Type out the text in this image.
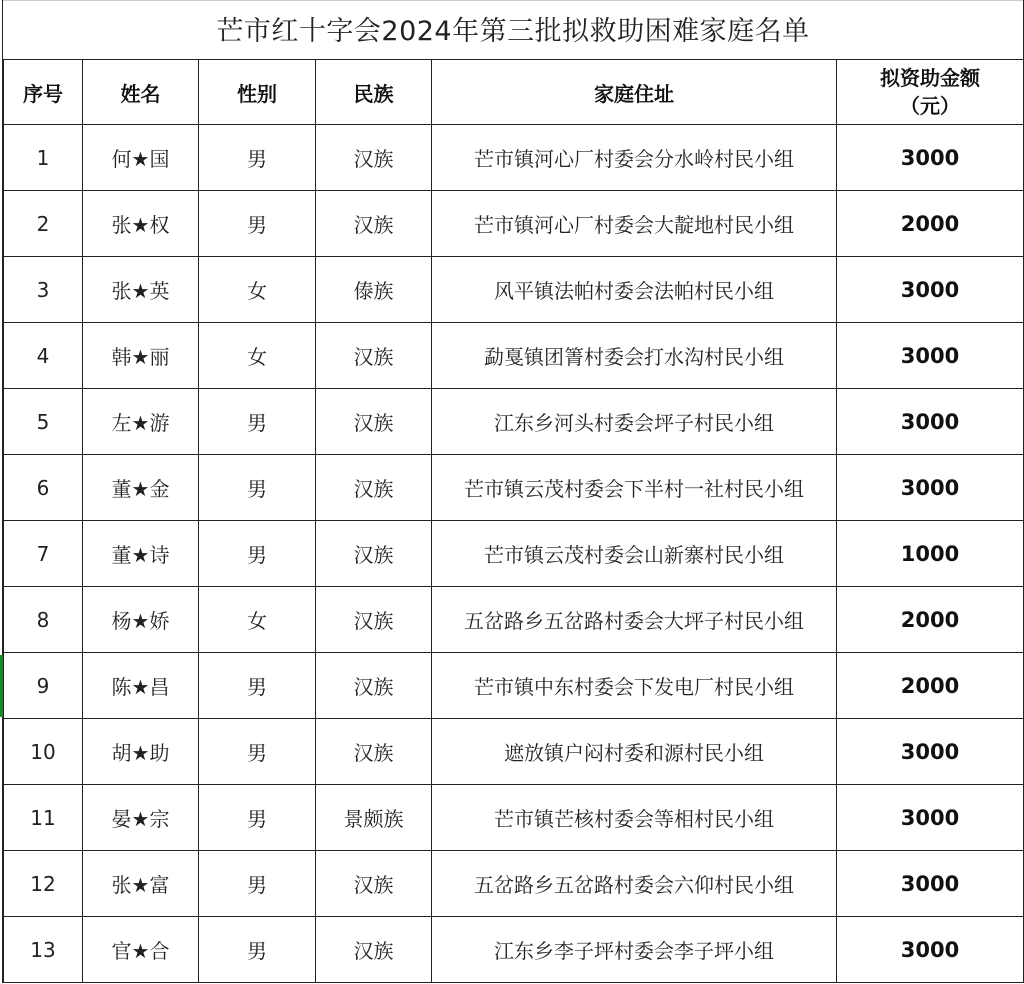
芒市红十字会2024年第三批拟救助困难家庭名单
序号	姓名	性别	民族	家庭住址	拟资助金额
（元）

1	何★国	男	汉族	芒市镇河心厂村委会分水岭村民小组	3000
2	张★权	男	汉族	芒市镇河心厂村委会大靛地村民小组	2000
3	张★英	女	傣族	风平镇法帕村委会法帕村民小组	3000
4	韩★丽	女	汉族	勐戛镇团箐村委会打水沟村民小组	3000
5	左★游	男	汉族	江东乡河头村委会坪子村民小组	3000
6	董★金	男	汉族	芒市镇云茂村委会下半村一社村民小组	3000
7	董★诗	男	汉族	芒市镇云茂村委会山新寨村民小组	1000
8	杨★娇	女	汉族	五岔路乡五岔路村委会大坪子村民小组	2000
9	陈★昌	男	汉族	芒市镇中东村委会下发电厂村民小组	2000
10	胡★助	男	汉族	遮放镇户闷村委和源村民小组	3000
11	晏★宗	男	景颇族	芒市镇芒核村委会等相村民小组	3000
12	张★富	男	汉族	五岔路乡五岔路村委会六仰村民小组	3000
13	官★合	男	汉族	江东乡李子坪村委会李子坪小组	3000
